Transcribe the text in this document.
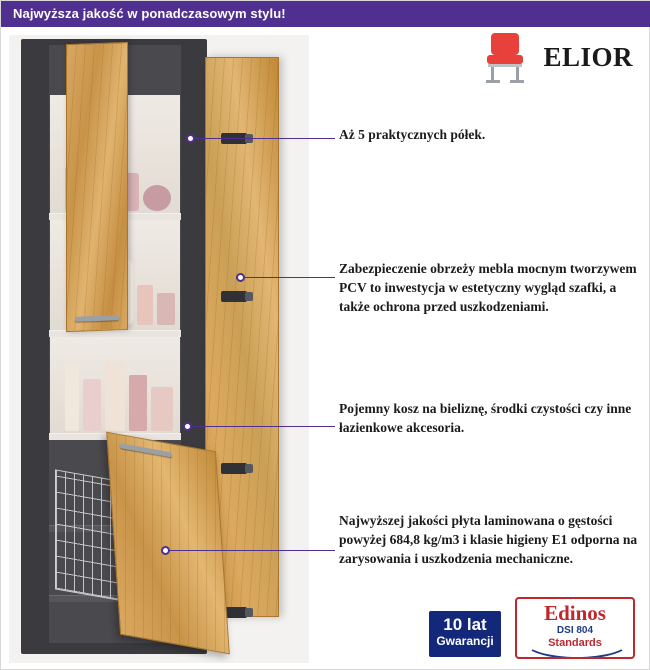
Najwyższa jakość w ponadczasowym stylu!
ELIOR
Aż 5 praktycznych półek.
Zabezpieczenie obrzeży mebla mocnym tworzywem PCV to inwestycja w estetyczny wygląd szafki, a także ochrona przed uszkodzeniami.
Pojemny kosz na bieliznę, środki czystości czy inne łazienkowe akcesoria.
Najwyższej jakości płyta laminowana o gęstości powyżej 684,8 kg/m3 i klasie higieny E1 odporna na zarysowania i uszkodzenia mechaniczne.
10 lat
Gwarancji
Edinos
DSI 804
Standards
